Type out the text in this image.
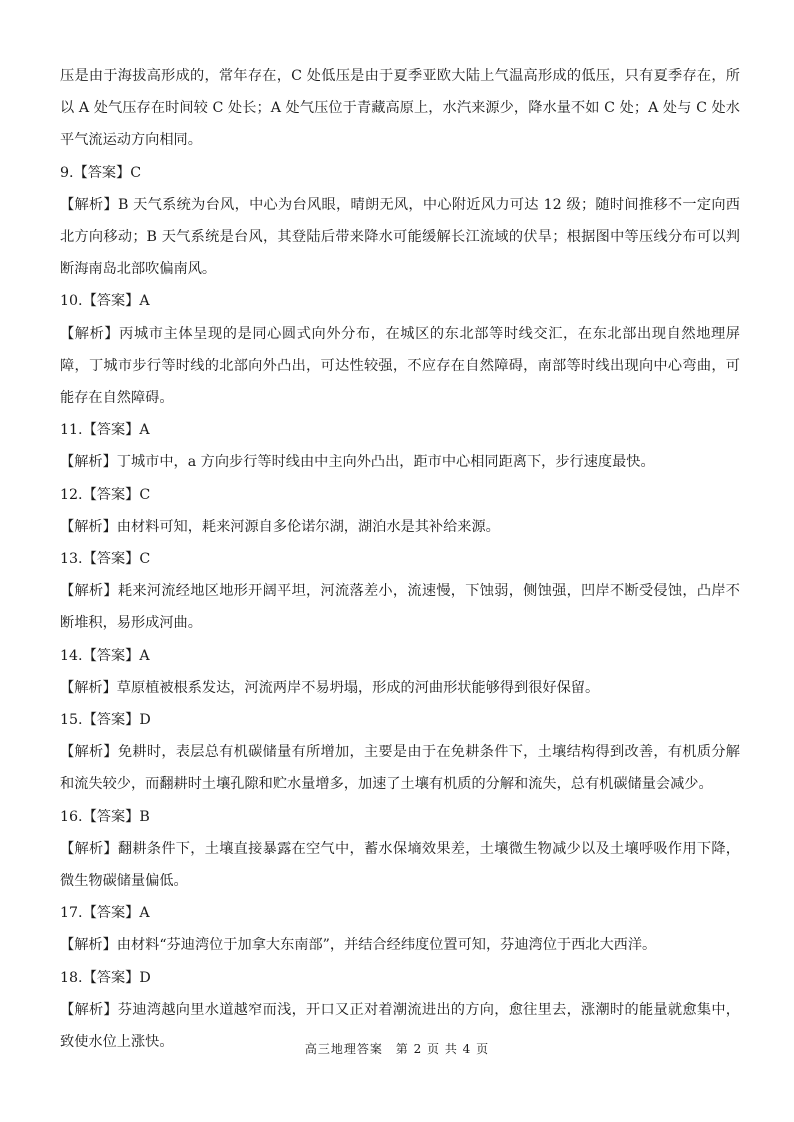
压是由于海拔高形成的，常年存在，C 处低压是由于夏季亚欧大陆上气温高形成的低压，只有夏季存在，所以 A 处气压存在时间较 C 处长；A 处气压位于青藏高原上，水汽来源少，降水量不如 C 处；A 处与 C 处水平气流运动方向相同。

9.【答案】C

【解析】B 天气系统为台风，中心为台风眼，晴朗无风，中心附近风力可达 12 级；随时间推移不一定向西北方向移动；B 天气系统是台风，其登陆后带来降水可能缓解长江流域的伏旱；根据图中等压线分布可以判断海南岛北部吹偏南风。

10.【答案】A

【解析】丙城市主体呈现的是同心圆式向外分布，在城区的东北部等时线交汇，在东北部出现自然地理屏障，丁城市步行等时线的北部向外凸出，可达性较强，不应存在自然障碍，南部等时线出现向中心弯曲，可能存在自然障碍。

11.【答案】A

【解析】丁城市中，a 方向步行等时线由中主向外凸出，距市中心相同距离下，步行速度最快。

12.【答案】C

【解析】由材料可知，耗来河源自多伦诺尔湖，湖泊水是其补给来源。

13.【答案】C

【解析】耗来河流经地区地形开阔平坦，河流落差小，流速慢，下蚀弱，侧蚀强，凹岸不断受侵蚀，凸岸不断堆积，易形成河曲。

14.【答案】A

【解析】草原植被根系发达，河流两岸不易坍塌，形成的河曲形状能够得到很好保留。

15.【答案】D

【解析】免耕时，表层总有机碳储量有所增加，主要是由于在免耕条件下，土壤结构得到改善，有机质分解和流失较少，而翻耕时土壤孔隙和贮水量增多，加速了土壤有机质的分解和流失，总有机碳储量会减少。

16.【答案】B

【解析】翻耕条件下，土壤直接暴露在空气中，蓄水保墒效果差，土壤微生物减少以及土壤呼吸作用下降，微生物碳储量偏低。

17.【答案】A

【解析】由材料“芬迪湾位于加拿大东南部”，并结合经纬度位置可知，芬迪湾位于西北大西洋。

18.【答案】D

【解析】芬迪湾越向里水道越窄而浅，开口又正对着潮流进出的方向，愈往里去，涨潮时的能量就愈集中，致使水位上涨快。	高三地理答案 第 2 页 共 4 页
